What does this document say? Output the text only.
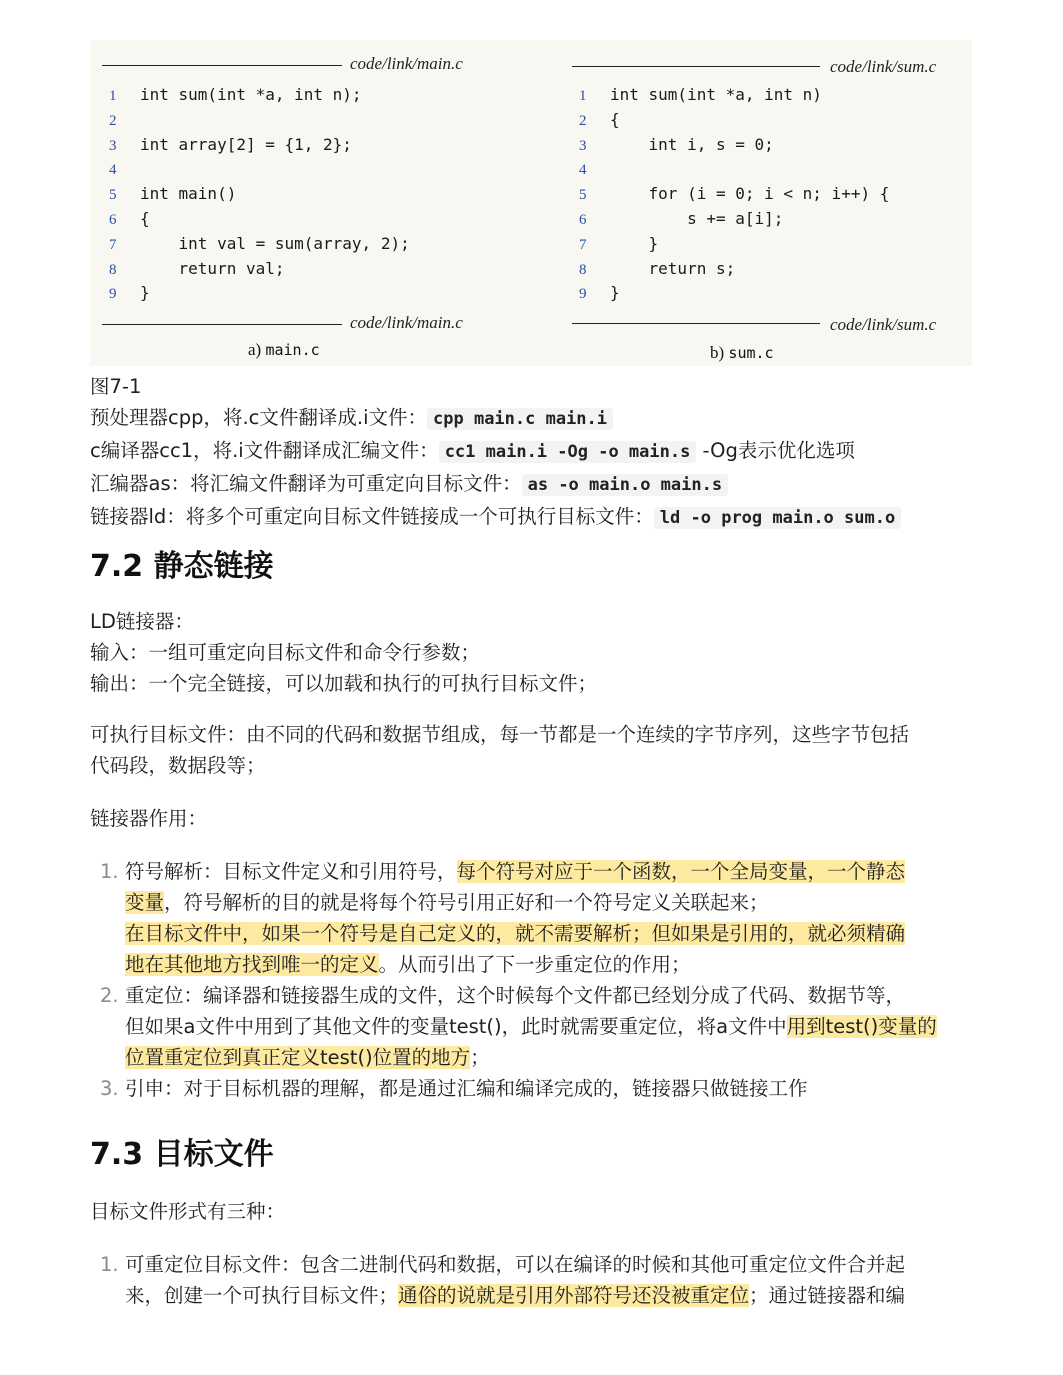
code/link/main.c
1 int sum(int *a, int n);
2
3 int array[2] = {1, 2};
4
5 int main()
6 {
7    int val = sum(array, 2);
8    return val;
9 }
code/link/main.c
a) main.c
code/link/sum.c
1 int sum(int *a, int n)
2 {
3    int i, s = 0;
4
5    for (i = 0; i < n; i++) {
6        s += a[i];
7    }
8    return s;
9 }
code/link/sum.c
b) sum.c
图7-1
预处理器cpp，将.c文件翻译成.i文件： cpp main.c main.i
c编译器cc1，将.i文件翻译成汇编文件： cc1 main.i -Og -o main.s -Og表示优化选项
汇编器as：将汇编文件翻译为可重定向目标文件： as -o main.o main.s
链接器ld：将多个可重定向目标文件链接成一个可执行目标文件： ld -o prog main.o sum.o
7.2 静态链接
LD链接器：
输入：一组可重定向目标文件和命令行参数；
输出：一个完全链接，可以加载和执行的可执行目标文件；
可执行目标文件：由不同的代码和数据节组成，每一节都是一个连续的字节序列，这些字节包括
代码段，数据段等；
链接器作用：
1. 符号解析：目标文件定义和引用符号，每个符号对应于一个函数，一个全局变量，一个静态
变量，符号解析的目的就是将每个符号引用正好和一个符号定义关联起来；
在目标文件中，如果一个符号是自己定义的，就不需要解析；但如果是引用的，就必须精确
地在其他地方找到唯一的定义。从而引出了下一步重定位的作用；
2. 重定位：编译器和链接器生成的文件，这个时候每个文件都已经划分成了代码、数据节等，
但如果a文件中用到了其他文件的变量test()，此时就需要重定位，将a文件中用到test()变量的
位置重定位到真正定义test()位置的地方；
3. 引申：对于目标机器的理解，都是通过汇编和编译完成的，链接器只做链接工作
7.3 目标文件
目标文件形式有三种：
1. 可重定位目标文件：包含二进制代码和数据，可以在编译的时候和其他可重定位文件合并起
来，创建一个可执行目标文件；通俗的说就是引用外部符号还没被重定位；通过链接器和编
